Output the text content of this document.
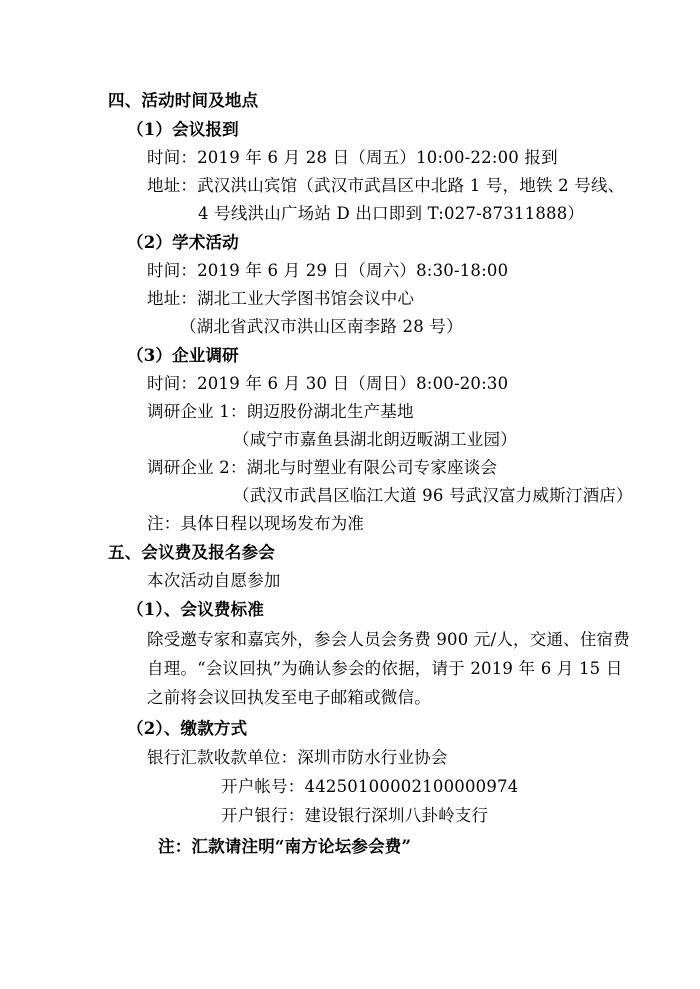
四、活动时间及地点
（1）会议报到
时间：2019 年 6 月 28 日（周五）10:00-22:00 报到
地址：武汉洪山宾馆（武汉市武昌区中北路 1 号，地铁 2 号线、
4 号线洪山广场站 D 出口即到 T:027-87311888）
（2）学术活动
时间：2019 年 6 月 29 日（周六）8:30-18:00
地址：湖北工业大学图书馆会议中心
（湖北省武汉市洪山区南李路 28 号）
（3）企业调研
时间：2019 年 6 月 30 日（周日）8:00-20:30
调研企业 1：朗迈股份湖北生产基地
（咸宁市嘉鱼县湖北朗迈畈湖工业园）
调研企业 2：湖北与时塑业有限公司专家座谈会
（武汉市武昌区临江大道 96 号武汉富力威斯汀酒店）
注：具体日程以现场发布为准
五、会议费及报名参会
本次活动自愿参加
（1）、会议费标准
除受邀专家和嘉宾外，参会人员会务费 900 元/人，交通、住宿费
自理。“会议回执”为确认参会的依据，请于 2019 年 6 月 15 日
之前将会议回执发至电子邮箱或微信。
（2）、缴款方式
银行汇款收款单位：深圳市防水行业协会
开户帐号：44250100002100000974
开户银行：建设银行深圳八卦岭支行
注：汇款请注明“南方论坛参会费”
